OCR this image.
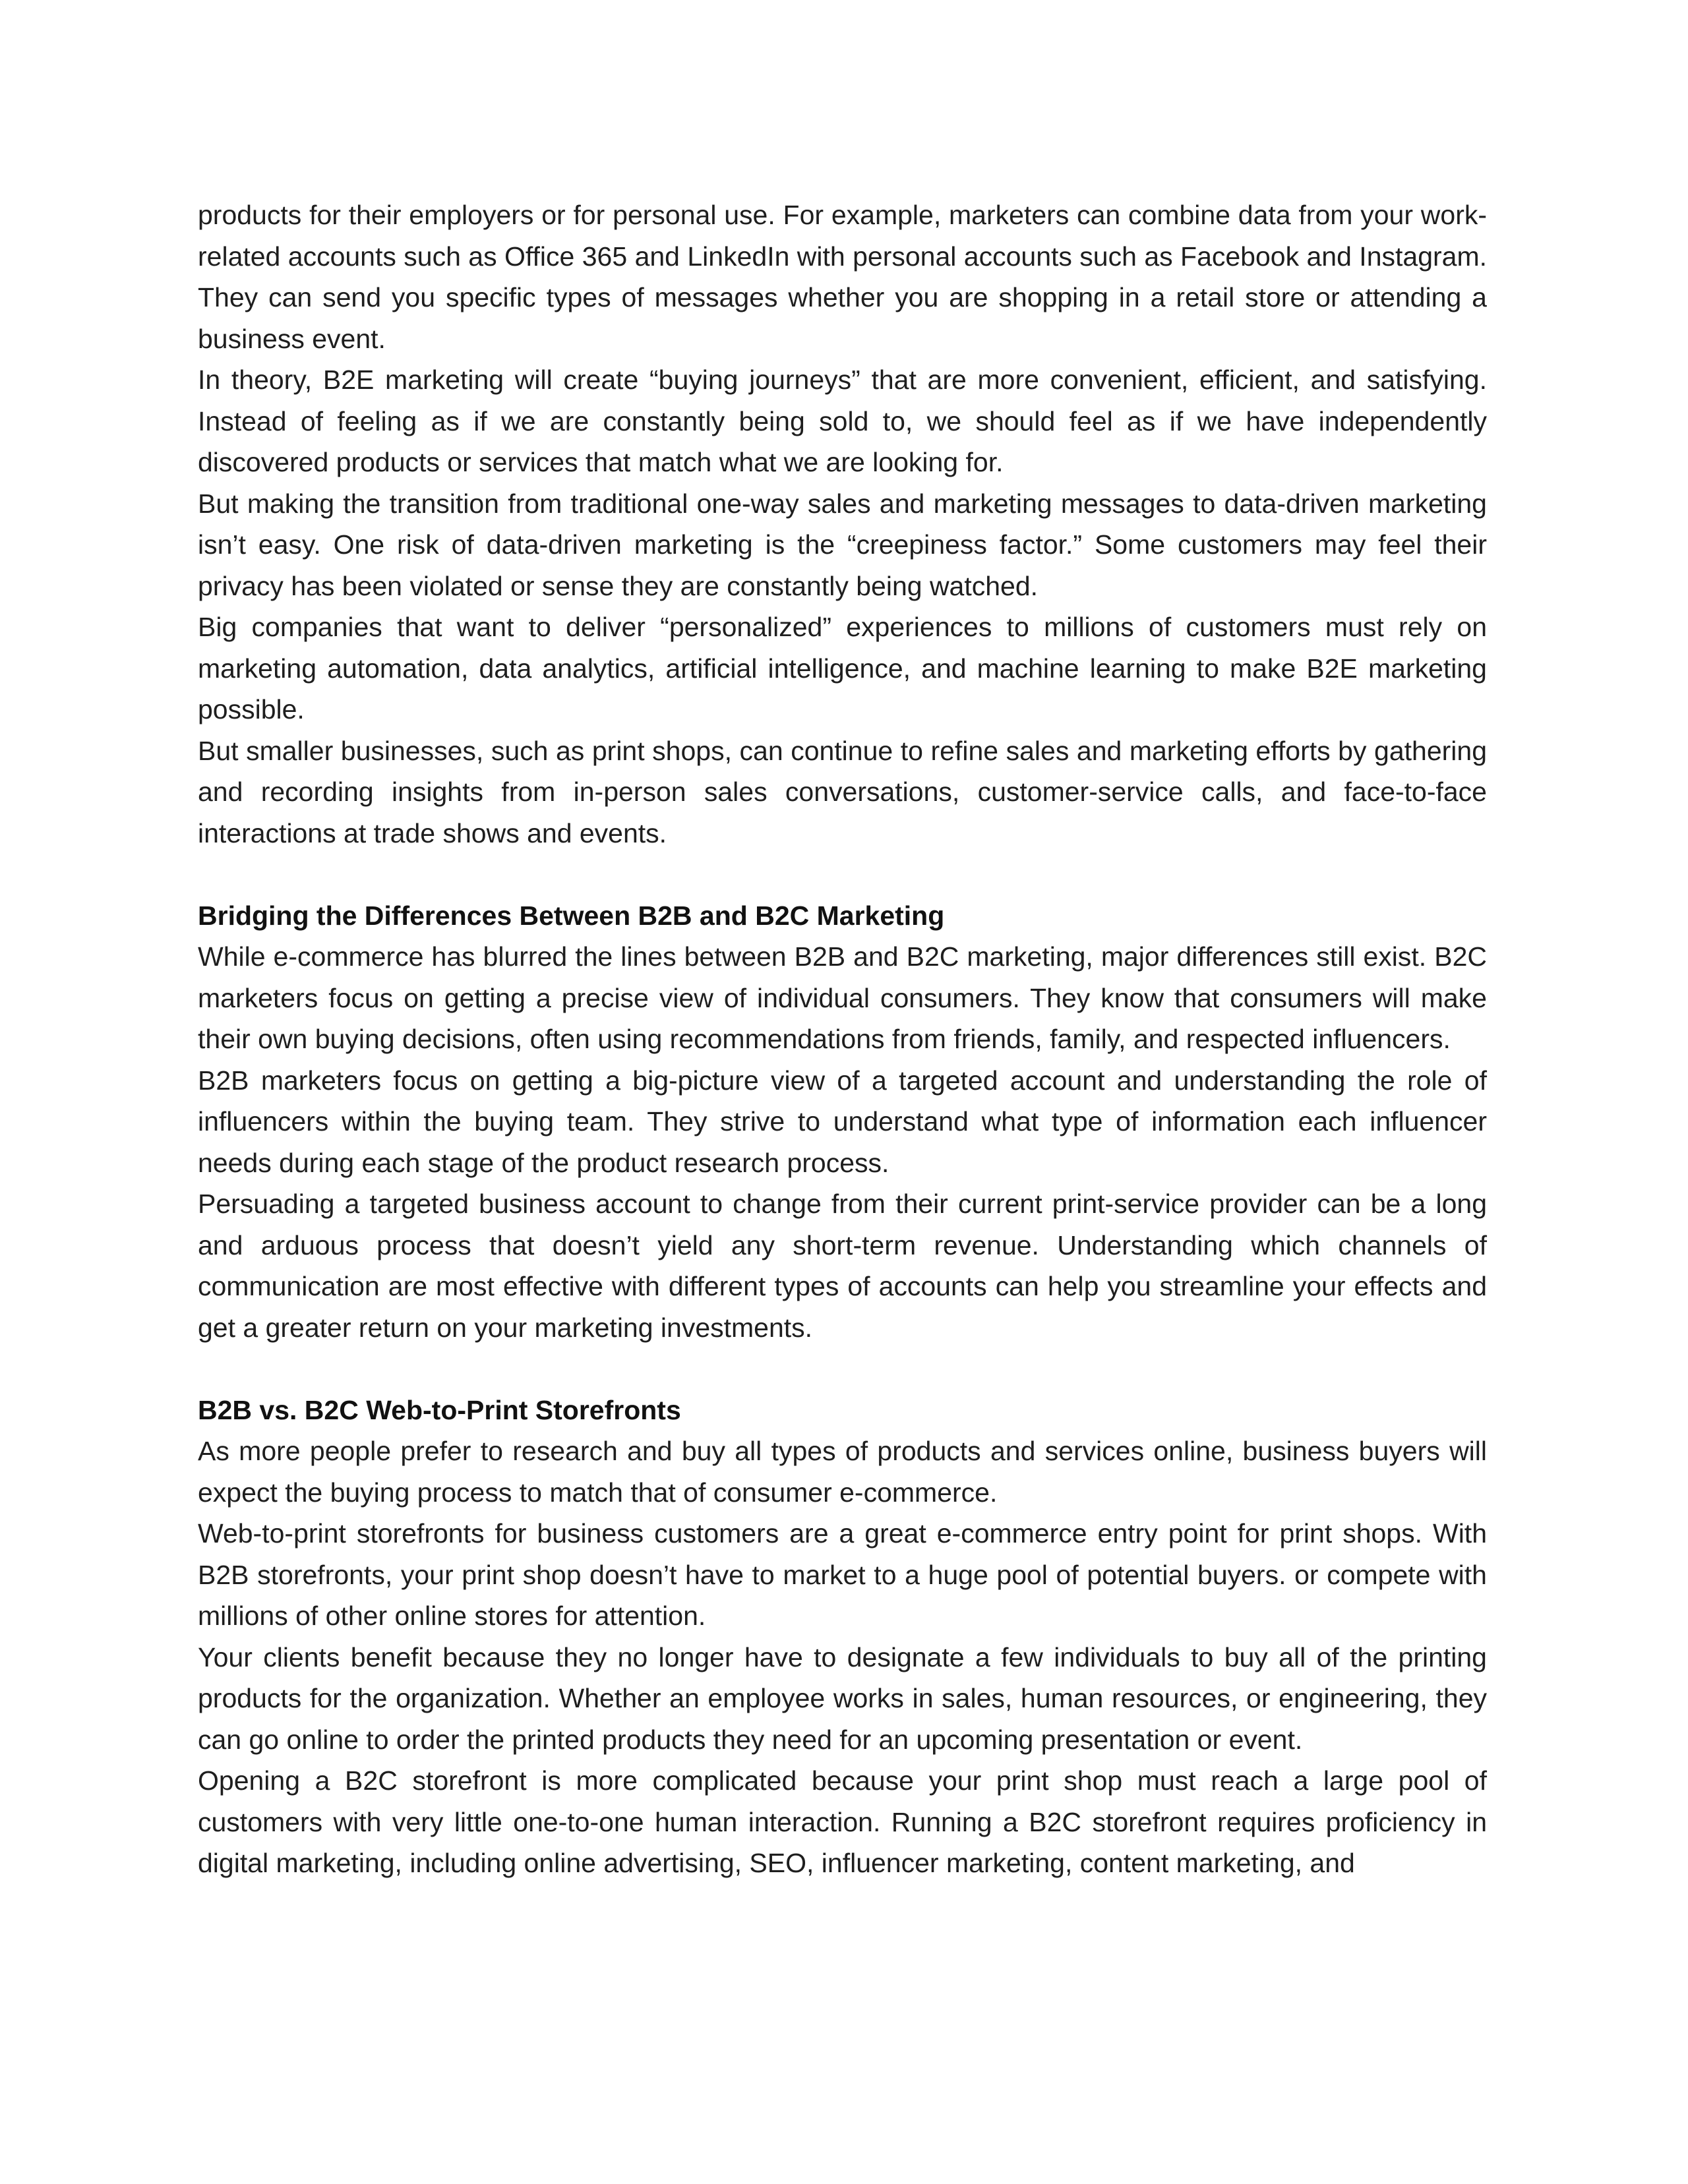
products for their employers or for personal use. For example, marketers can combine data from your work-related accounts such as Office 365 and LinkedIn with personal accounts such as Facebook and Instagram. They can send you specific types of messages whether you are shopping in a retail store or attending a business event.

In theory, B2E marketing will create “buying journeys” that are more convenient, efficient, and satisfying. Instead of feeling as if we are constantly being sold to, we should feel as if we have independently discovered products or services that match what we are looking for.

But making the transition from traditional one-way sales and marketing messages to data-driven marketing isn’t easy. One risk of data-driven marketing is the “creepiness factor.” Some customers may feel their privacy has been violated or sense they are constantly being watched.

Big companies that want to deliver “personalized” experiences to millions of customers must rely on marketing automation, data analytics, artificial intelligence, and machine learning to make B2E marketing possible.

But smaller businesses, such as print shops, can continue to refine sales and marketing efforts by gathering and recording insights from in-person sales conversations, customer-service calls, and face-to-face interactions at trade shows and events.

Bridging the Differences Between B2B and B2C Marketing

While e-commerce has blurred the lines between B2B and B2C marketing, major differences still exist. B2C marketers focus on getting a precise view of individual consumers. They know that consumers will make their own buying decisions, often using recommendations from friends, family, and respected influencers.

B2B marketers focus on getting a big-picture view of a targeted account and understanding the role of influencers within the buying team. They strive to understand what type of information each influencer needs during each stage of the product research process.

Persuading a targeted business account to change from their current print-service provider can be a long and arduous process that doesn’t yield any short-term revenue. Understanding which channels of communication are most effective with different types of accounts can help you streamline your effects and get a greater return on your marketing investments.

B2B vs. B2C Web-to-Print Storefronts

As more people prefer to research and buy all types of products and services online, business buyers will expect the buying process to match that of consumer e-commerce.

Web-to-print storefronts for business customers are a great e-commerce entry point for print shops. With B2B storefronts, your print shop doesn’t have to market to a huge pool of potential buyers. or compete with millions of other online stores for attention.

Your clients benefit because they no longer have to designate a few individuals to buy all of the printing products for the organization. Whether an employee works in sales, human resources, or engineering, they can go online to order the printed products they need for an upcoming presentation or event.

Opening a B2C storefront is more complicated because your print shop must reach a large pool of customers with very little one-to-one human interaction. Running a B2C storefront requires proficiency in digital marketing, including online advertising, SEO, influencer marketing, content marketing, and
